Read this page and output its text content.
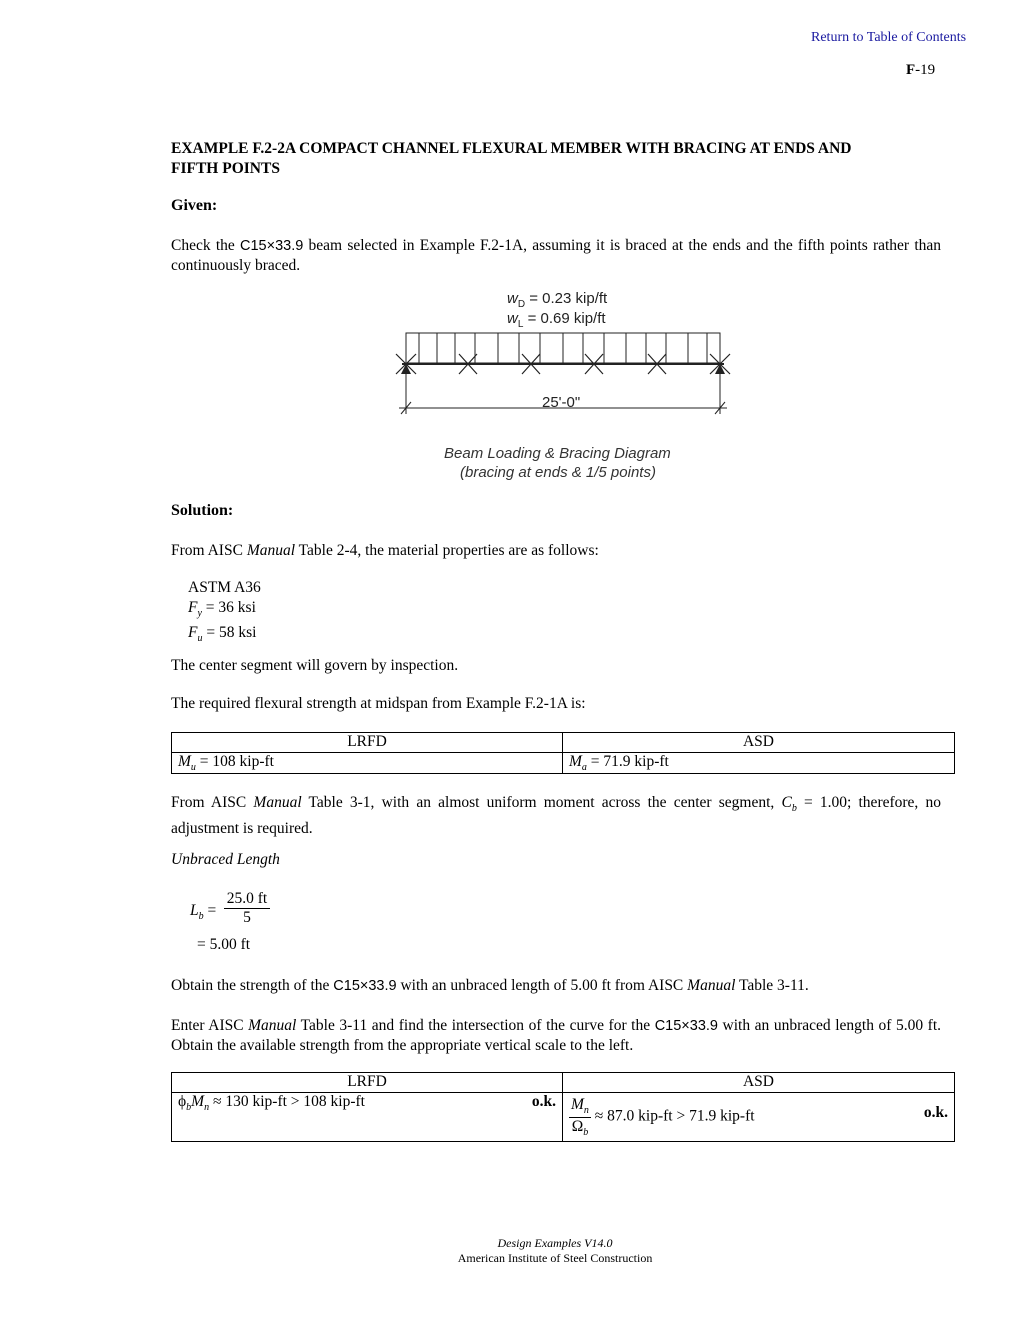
Return to Table of Contents
F-19
EXAMPLE F.2-2A COMPACT CHANNEL FLEXURAL MEMBER WITH BRACING AT ENDS AND
FIFTH POINTS
Given:
Check the C15×33.9 beam selected in Example F.2-1A, assuming it is braced at the ends and the fifth points rather than continuously braced.
$w_D = 0.23$ kip/ft
$w_L = 0.69$ kip/ft
25'-0"
Beam Loading & Bracing Diagram
(bracing at ends & 1/5 points)
Solution:
From AISC Manual Table 2-4, the material properties are as follows:
ASTM A36
$F_y = 36$ ksi
$F_u = 58$ ksi
The center segment will govern by inspection.
The required flexural strength at midspan from Example F.2-1A is:
LRFD	ASD
$M_u = 108$ kip-ft	$M_a = 71.9$ kip-ft
From AISC Manual Table 3-1, with an almost uniform moment across the center segment, $C_b = 1.00$; therefore, no adjustment is required.
Unbraced Length
$L_b = \frac{25.0 ft}{5}$
= 5.00 ft
Obtain the strength of the C15×33.9 with an unbraced length of 5.00 ft from AISC Manual Table 3-11.
Enter AISC Manual Table 3-11 and find the intersection of the curve for the C15×33.9 with an unbraced length of 5.00 ft. Obtain the available strength from the appropriate vertical scale to the left.
LRFD	ASD
$\phi_bM_n \approx 130$ kip-ft > 108 kip-ft o.k.	$\frac{M_n}{\Omega_b} \approx 87.0$ kip-ft > 71.9 kip-ft o.k.
Design Examples V14.0
American Institute of Steel Construction
